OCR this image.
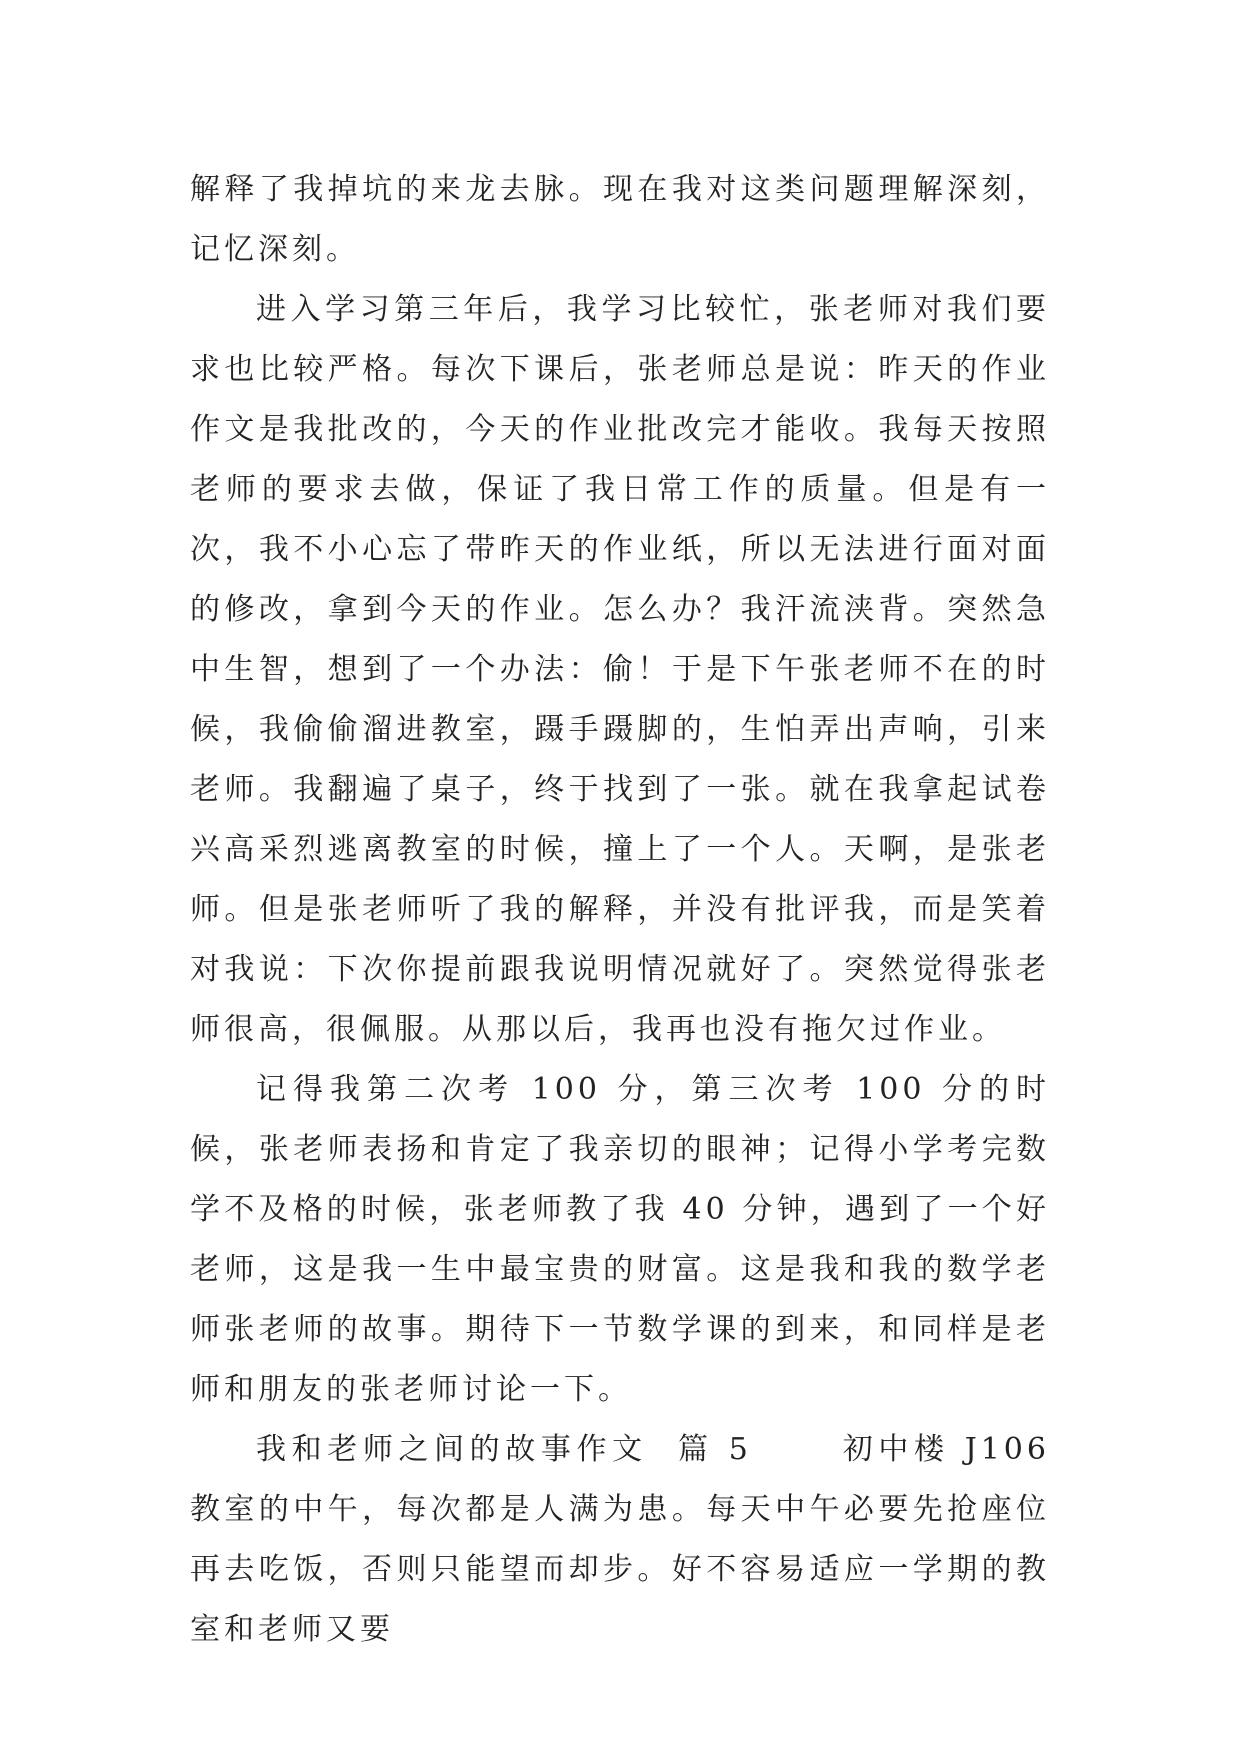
解释了我掉坑的来龙去脉。现在我对这类问题理解深刻，记忆深刻。

进入学习第三年后，我学习比较忙，张老师对我们要求也比较严格。每次下课后，张老师总是说：昨天的作业作文是我批改的，今天的作业批改完才能收。我每天按照老师的要求去做，保证了我日常工作的质量。但是有一次，我不小心忘了带昨天的作业纸，所以无法进行面对面的修改，拿到今天的作业。怎么办？我汗流浃背。突然急中生智，想到了一个办法：偷！于是下午张老师不在的时候，我偷偷溜进教室，蹑手蹑脚的，生怕弄出声响，引来老师。我翻遍了桌子，终于找到了一张。就在我拿起试卷兴高采烈逃离教室的时候，撞上了一个人。天啊，是张老师。但是张老师听了我的解释，并没有批评我，而是笑着对我说：下次你提前跟我说明情况就好了。突然觉得张老师很高，很佩服。从那以后，我再也没有拖欠过作业。

记得我第二次考 100 分，第三次考 100 分的时候，张老师表扬和肯定了我亲切的眼神；记得小学考完数学不及格的时候，张老师教了我 40 分钟，遇到了一个好老师，这是我一生中最宝贵的财富。这是我和我的数学老师张老师的故事。期待下一节数学课的到来，和同样是老师和朋友的张老师讨论一下。

我和老师之间的故事作文  篇 5      初中楼 J106 教室的中午，每次都是人满为患。每天中午必要先抢座位再去吃饭，否则只能望而却步。好不容易适应一学期的教室和老师又要
